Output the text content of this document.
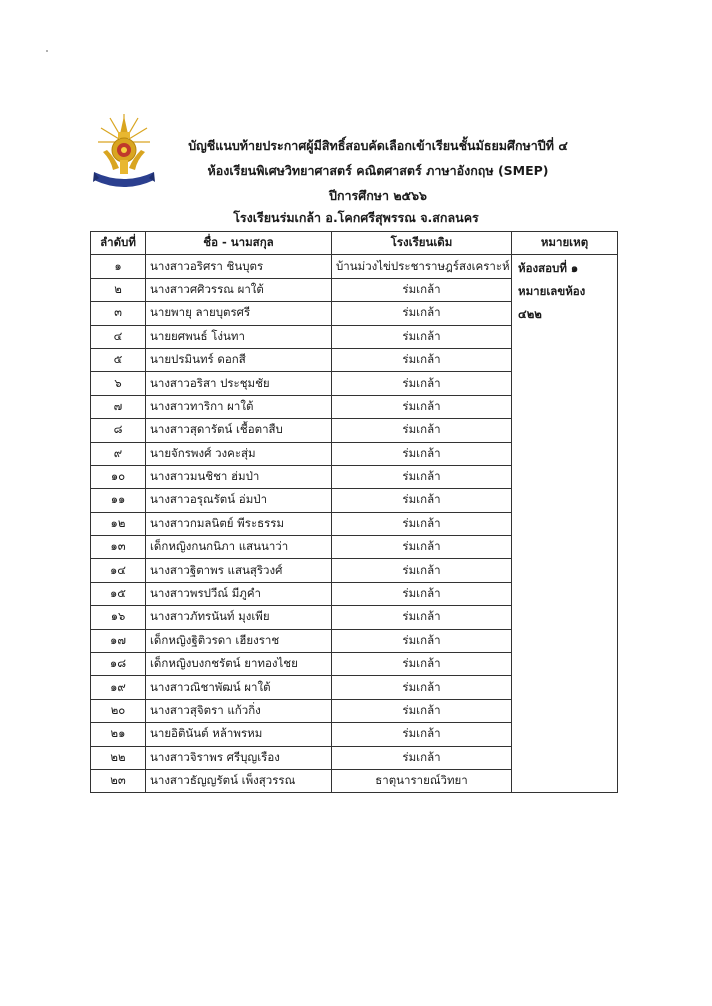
บัญชีแนบท้ายประกาศผู้มีสิทธิ์สอบคัดเลือกเข้าเรียนชั้นมัธยมศึกษาปีที่ ๔
ห้องเรียนพิเศษวิทยาศาสตร์ คณิตศาสตร์ ภาษาอังกฤษ (SMEP)
ปีการศึกษา ๒๕๖๖
โรงเรียนร่มเกล้า อ.โคกศรีสุพรรณ จ.สกลนคร
ลำดับที่	ชื่อ - นามสกุล	โรงเรียนเดิม	หมายเหตุ
๑	นางสาวอริศรา ชินบุตร	บ้านม่วงไข่ประชาราษฎร์สงเคราะห์	ห้องสอบที่ ๑
หมายเลขห้อง ๔๒๒

๒	นางสาวศศิวรรณ ผาใต้	ร่มเกล้า	
๓	นายพายุ ลายบุตรศรี	ร่มเกล้า	
๔	นายยศพนธ์ โง่นทา	ร่มเกล้า	
๕	นายปรมินทร์ ดอกสี	ร่มเกล้า	
๖	นางสาวอริสา ประชุมชัย	ร่มเกล้า	
๗	นางสาวทาริกา ผาใต้	ร่มเกล้า	
๘	นางสาวสุดารัตน์ เชื้อตาสืบ	ร่มเกล้า	
๙	นายจักรพงศ์ วงคะสุ่ม	ร่มเกล้า	
๑๐	นางสาวมนชิชา ฮ่มป่า	ร่มเกล้า	
๑๑	นางสาวอรุณรัตน์ อ่มป่า	ร่มเกล้า	
๑๒	นางสาวกมลนิตย์ พีระธรรม	ร่มเกล้า	
๑๓	เด็กหญิงกนกนิภา แสนนาว่า	ร่มเกล้า	
๑๔	นางสาวฐิตาพร แสนสุริวงศ์	ร่มเกล้า	
๑๕	นางสาวพรปวีณ์ มีภูคำ	ร่มเกล้า	
๑๖	นางสาวภัทรนันท์ มุงเพีย	ร่มเกล้า	
๑๗	เด็กหญิงฐิติวรดา เฮียงราช	ร่มเกล้า	
๑๘	เด็กหญิงบงกชรัตน์ ยาทองไชย	ร่มเกล้า	
๑๙	นางสาวณิชาพัฒน์ ผาใต้	ร่มเกล้า	
๒๐	นางสาวสุจิตรา แก้วกิ่ง	ร่มเกล้า	
๒๑	นายอิตินันต์ หล้าพรหม	ร่มเกล้า	
๒๒	นางสาวจิราพร ศรีบุญเรือง	ร่มเกล้า	
๒๓	นางสาวธัญญรัตน์ เพ็งสุวรรณ	ธาตุนารายณ์วิทยา	
